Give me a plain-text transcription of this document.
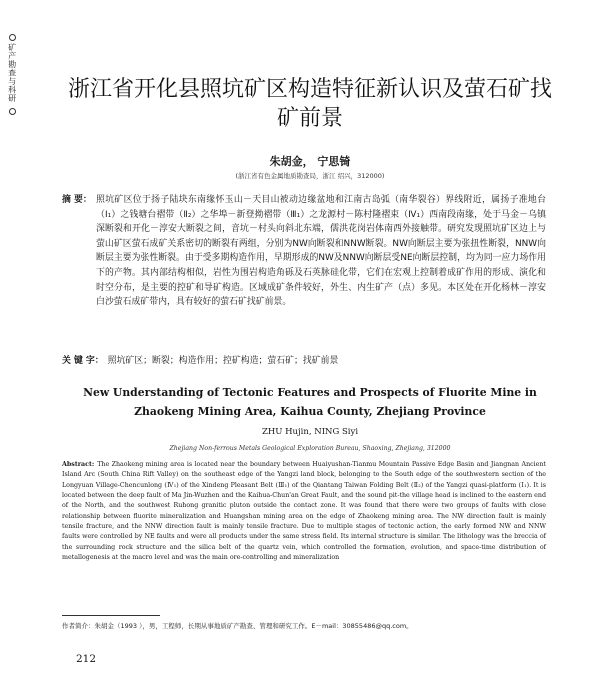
矿产勘查与科研	浙江省开化县照坑矿区构造特征新认识及萤石矿找矿前景
朱胡金， 宁思锜
(浙江省有色金属地质勘查局，浙江 绍兴，312000)
摘 要： 照坑矿区位于扬子陆块东南缘怀玉山－天目山被动边缘盆地和江南古岛弧（南华裂谷）界线附近，属扬子准地台（Ⅰ₁）之钱塘台褶带（Ⅱ₂）之华埠－新登拗褶带（Ⅲ₁）之龙源村－陈村隆褶束（Ⅳ₁）西南段南缘，处于马金－乌镇深断裂和开化－淳安大断裂之间，音坑－村头向斜北东端，儒洪花岗岩体南西外接触带。研究发现照坑矿区边上与萤山矿区萤石成矿关系密切的断裂有两组，分别为NW向断裂和NNW断裂。NW向断层主要为张扭性断裂，NNW向断层主要为张性断裂。由于受多期构造作用，早期形成的NW及NNW向断层受NE向断层控制，均为同一应力场作用下的产物。其内部结构相似，岩性为围岩构造角砾及石英脉硅化带，它们在宏观上控制着成矿作用的形成、演化和时空分布，是主要的控矿和导矿构造。区域成矿条件较好，外生、内生矿产（点）多见。本区处在开化杨林－淳安白沙萤石成矿带内，具有较好的萤石矿找矿前景。
关 键 字： 照坑矿区；断裂；构造作用；控矿构造；萤石矿；找矿前景
New Understanding of Tectonic Features and Prospects of Fluorite Mine in
Zhaokeng Mining Area, Kaihua County, Zhejiang Province
ZHU Hujin, NING Siyi
Zhejiang Non-ferrous Metals Geological Exploration Bureau, Shaoxing, Zhejiang, 312000
Abstract: The Zhaokeng mining area is located near the boundary between Huaiyushan-Tianmu Mountain Passive Edge Basin and Jiangnan Ancient Island Arc (South China Rift Valley) on the southeast edge of the Yangzi land block, belonging to the South edge of the southwestern section of the Longyuan Village-Chencunlong (Ⅳ₁) of the Xindeng Pleasant Belt (Ⅲ₁) of the Qiantang Taiwan Folding Belt (Ⅱ₂) of the Yangzi quasi-platform (Ⅰ₁). It is located between the deep fault of Ma Jin-Wuzhen and the Kaihua-Chun'an Great Fault, and the sound pit-the village head is inclined to the eastern end of the North, and the southwest Ruhong granitic pluton outside the contact zone. It was found that there were two groups of faults with close relationship between fluorite mineralization and Huangshan mining area on the edge of Zhaokeng mining area. The NW direction fault is mainly tensile fracture, and the NNW direction fault is mainly tensile fracture. Due to multiple stages of tectonic action, the early formed NW and NNW faults were controlled by NE faults and were all products under the same stress field. Its internal structure is similar. The lithology was the breccia of the surrounding rock structure and the silica belt of the quartz vein, which controlled the formation, evolution, and space-time distribution of metallogenesis at the macro level and was the main ore-controlling and mineralization
作者简介：朱胡金（1993 ），男，工程师，长期从事地质矿产勘查、管理和研究工作。E－mail：30855486@qq.com。
212
